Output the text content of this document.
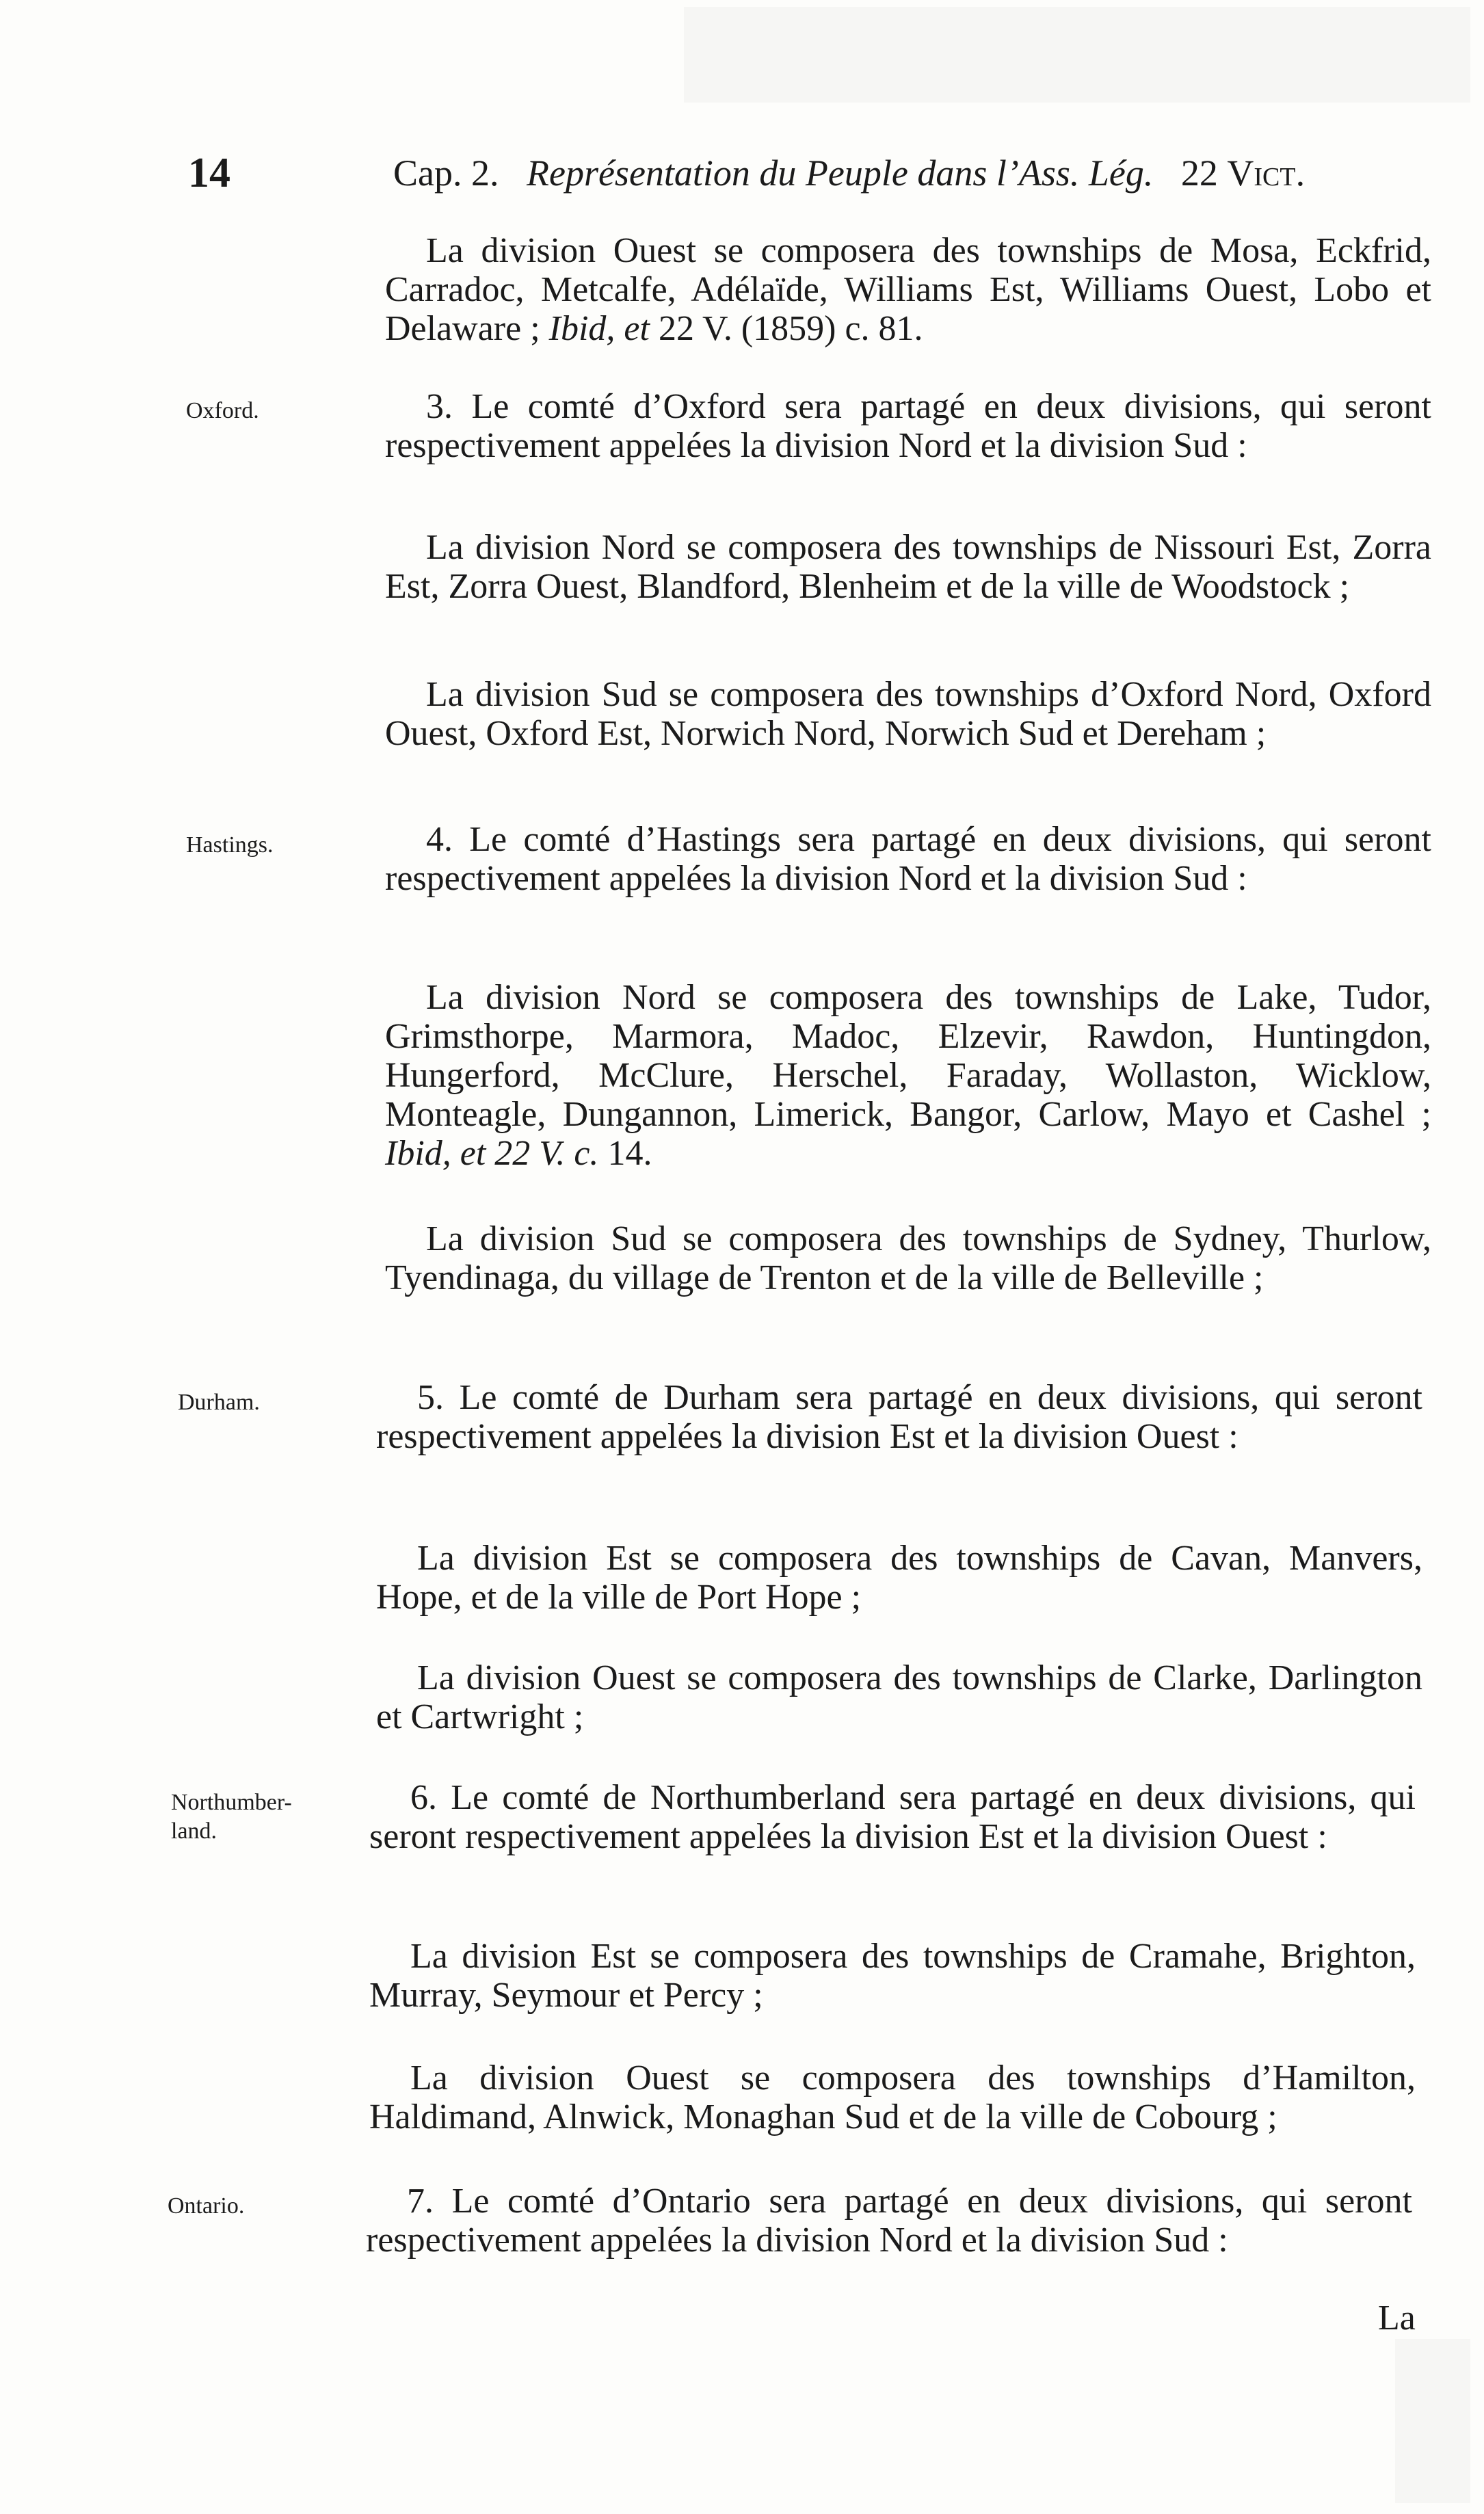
14	Cap. 2. Représentation du Peuple dans l’Ass. Lég. 22 Vict.
La division Ouest se composera des townships de Mosa, Eckfrid, Carradoc, Metcalfe, Adélaïde, Williams Est, Williams Ouest, Lobo et Delaware ; Ibid, et 22 V. (1859) c. 81.
Oxford.	3. Le comté d’Oxford sera partagé en deux divisions, qui seront respectivement appelées la division Nord et la division Sud :
La division Nord se composera des townships de Nissouri Est, Zorra Est, Zorra Ouest, Blandford, Blenheim et de la ville de Woodstock ;
La division Sud se composera des townships d’Oxford Nord, Oxford Ouest, Oxford Est, Norwich Nord, Norwich Sud et Dereham ;
Hastings.	4. Le comté d’Hastings sera partagé en deux divisions, qui seront respectivement appelées la division Nord et la division Sud :
La division Nord se composera des townships de Lake, Tudor, Grimsthorpe, Marmora, Madoc, Elzevir, Rawdon, Huntingdon, Hungerford, McClure, Herschel, Faraday, Wollaston, Wicklow, Monteagle, Dungannon, Limerick, Bangor, Carlow, Mayo et Cashel ; Ibid, et 22 V. c. 14.
La division Sud se composera des townships de Sydney, Thurlow, Tyendinaga, du village de Trenton et de la ville de Belleville ;
Durham.	5. Le comté de Durham sera partagé en deux divisions, qui seront respectivement appelées la division Est et la division Ouest :
La division Est se composera des townships de Cavan, Manvers, Hope, et de la ville de Port Hope ;
La division Ouest se composera des townships de Clarke, Darlington et Cartwright ;
Northumber- land.
6. Le comté de Northumberland sera partagé en deux divisions, qui seront respectivement appelées la division Est et la division Ouest :
La division Est se composera des townships de Cramahe, Brighton, Murray, Seymour et Percy ;
La division Ouest se composera des townships d’Hamilton, Haldimand, Alnwick, Monaghan Sud et de la ville de Cobourg ;
Ontario.	7. Le comté d’Ontario sera partagé en deux divisions, qui seront respectivement appelées la division Nord et la division Sud :
La
